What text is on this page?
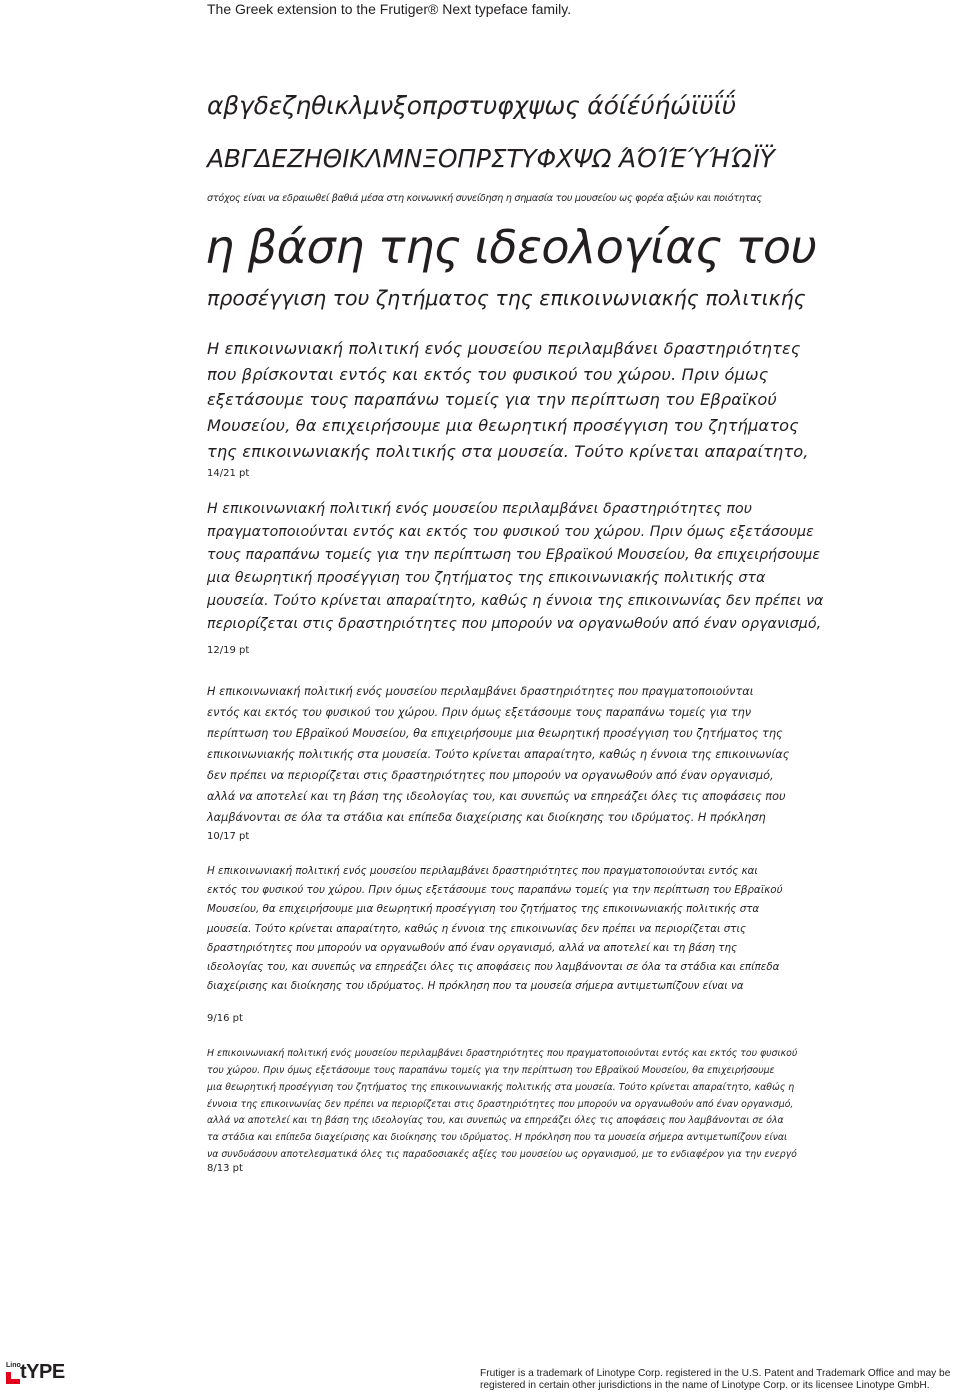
The Greek extension to the Frutiger® Next typeface family.
αβγδεζηθικλμνξοπρστυφχψως άόίέύήώϊϋΐΰ
ΑΒΓΔΕΖΗΘΙΚΛΜΝΞΟΠΡΣΤΥΦΧΨΩ ΆΌΊΈΎΉΏΪΫ
στόχος είναι να εδραιωθεί βαθιά μέσα στη κοινωνική συνείδηση η σημασία του μουσείου ως φορέα αξιών και ποιότητας
η βάση της ιδεολογίας του
προσέγγιση του ζητήματος της επικοινωνιακής πολιτικής
Η επικοινωνιακή πολιτική ενός μουσείου περιλαμβάνει δραστηριότητες
που βρίσκονται εντός και εκτός του φυσικού του χώρου. Πριν όμως
εξετάσουμε τους παραπάνω τομείς για την περίπτωση του Εβραϊκού
Μουσείου, θα επιχειρήσουμε μια θεωρητική προσέγγιση του ζητήματος
της επικοινωνιακής πολιτικής στα μουσεία. Τούτο κρίνεται απαραίτητο,
14/21 pt
Η επικοινωνιακή πολιτική ενός μουσείου περιλαμβάνει δραστηριότητες που
πραγματοποιούνται εντός και εκτός του φυσικού του χώρου. Πριν όμως εξετάσουμε
τους παραπάνω τομείς για την περίπτωση του Εβραϊκού Μουσείου, θα επιχειρήσουμε
μια θεωρητική προσέγγιση του ζητήματος της επικοινωνιακής πολιτικής στα
μουσεία. Τούτο κρίνεται απαραίτητο, καθώς η έννοια της επικοινωνίας δεν πρέπει να
περιορίζεται στις δραστηριότητες που μπορούν να οργανωθούν από έναν οργανισμό,
12/19 pt
Η επικοινωνιακή πολιτική ενός μουσείου περιλαμβάνει δραστηριότητες που πραγματοποιούνται
εντός και εκτός του φυσικού του χώρου. Πριν όμως εξετάσουμε τους παραπάνω τομείς για την
περίπτωση του Εβραϊκού Μουσείου, θα επιχειρήσουμε μια θεωρητική προσέγγιση του ζητήματος της
επικοινωνιακής πολιτικής στα μουσεία. Τούτο κρίνεται απαραίτητο, καθώς η έννοια της επικοινωνίας
δεν πρέπει να περιορίζεται στις δραστηριότητες που μπορούν να οργανωθούν από έναν οργανισμό,
αλλά να αποτελεί και τη βάση της ιδεολογίας του, και συνεπώς να επηρεάζει όλες τις αποφάσεις που
λαμβάνονται σε όλα τα στάδια και επίπεδα διαχείρισης και διοίκησης του ιδρύματος. Η πρόκληση
10/17 pt
Η επικοινωνιακή πολιτική ενός μουσείου περιλαμβάνει δραστηριότητες που πραγματοποιούνται εντός και
εκτός του φυσικού του χώρου. Πριν όμως εξετάσουμε τους παραπάνω τομείς για την περίπτωση του Εβραϊκού
Μουσείου, θα επιχειρήσουμε μια θεωρητική προσέγγιση του ζητήματος της επικοινωνιακής πολιτικής στα
μουσεία. Τούτο κρίνεται απαραίτητο, καθώς η έννοια της επικοινωνίας δεν πρέπει να περιορίζεται στις
δραστηριότητες που μπορούν να οργανωθούν από έναν οργανισμό, αλλά να αποτελεί και τη βάση της
ιδεολογίας του, και συνεπώς να επηρεάζει όλες τις αποφάσεις που λαμβάνονται σε όλα τα στάδια και επίπεδα
διαχείρισης και διοίκησης του ιδρύματος. Η πρόκληση που τα μουσεία σήμερα αντιμετωπίζουν είναι να
9/16 pt
Η επικοινωνιακή πολιτική ενός μουσείου περιλαμβάνει δραστηριότητες που πραγματοποιούνται εντός και εκτός του φυσικού
του χώρου. Πριν όμως εξετάσουμε τους παραπάνω τομείς για την περίπτωση του Εβραϊκού Μουσείου, θα επιχειρήσουμε
μια θεωρητική προσέγγιση του ζητήματος της επικοινωνιακής πολιτικής στα μουσεία. Τούτο κρίνεται απαραίτητο, καθώς η
έννοια της επικοινωνίας δεν πρέπει να περιορίζεται στις δραστηριότητες που μπορούν να οργανωθούν από έναν οργανισμό,
αλλά να αποτελεί και τη βάση της ιδεολογίας του, και συνεπώς να επηρεάζει όλες τις αποφάσεις που λαμβάνονται σε όλα
τα στάδια και επίπεδα διαχείρισης και διοίκησης του ιδρύματος. Η πρόκληση που τα μουσεία σήμερα αντιμετωπίζουν είναι
να συνδυάσουν αποτελεσματικά όλες τις παραδοσιακές αξίες του μουσείου ως οργανισμού, με το ενδιαφέρον για την ενεργό
8/13 pt
Lino tYPE	Frutiger is a trademark of Linotype Corp. registered in the U.S. Patent and Trademark Office and may be
registered in certain other jurisdictions in the name of Linotype Corp. or its licensee Linotype GmbH.
